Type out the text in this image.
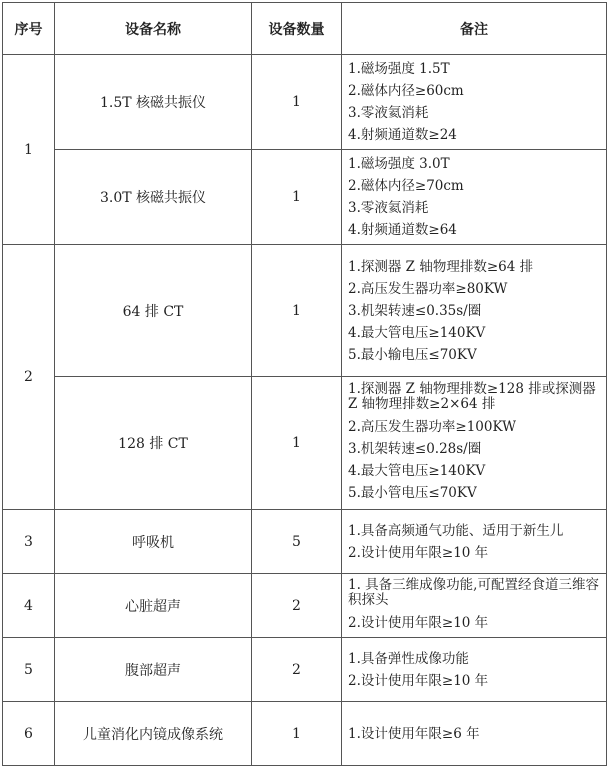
序号	设备名称	设备数量	备注
1	1.5T 核磁共振仪	1	1.磁场强度 1.5T
2.磁体内径≥60cm
3.零液氦消耗
4.射频通道数≥24

	3.0T 核磁共振仪	1	1.磁场强度 3.0T
2.磁体内径≥70cm
3.零液氦消耗
4.射频通道数≥64

2	64 排 CT	1	1.探测器 Z 轴物理排数≥64 排
2.高压发生器功率≥80KW
3.机架转速≤0.35s/圈
4.最大管电压≥140KV
5.最小输电压≤70KV

	128 排 CT	1	1.探测器 Z 轴物理排数≥128 排或探测器 Z 轴物理排数≥2×64 排
2.高压发生器功率≥100KW
3.机架转速≤0.28s/圈
4.最大管电压≥140KV
5.最小管电压≤70KV

3	呼吸机	5	1.具备高频通气功能、适用于新生儿
2.设计使用年限≥10 年

4	心脏超声	2	1. 具备三维成像功能,可配置经食道三维容积探头
2.设计使用年限≥10 年

5	腹部超声	2	1.具备弹性成像功能
2.设计使用年限≥10 年

6	儿童消化内镜成像系统	1	1.设计使用年限≥6 年
